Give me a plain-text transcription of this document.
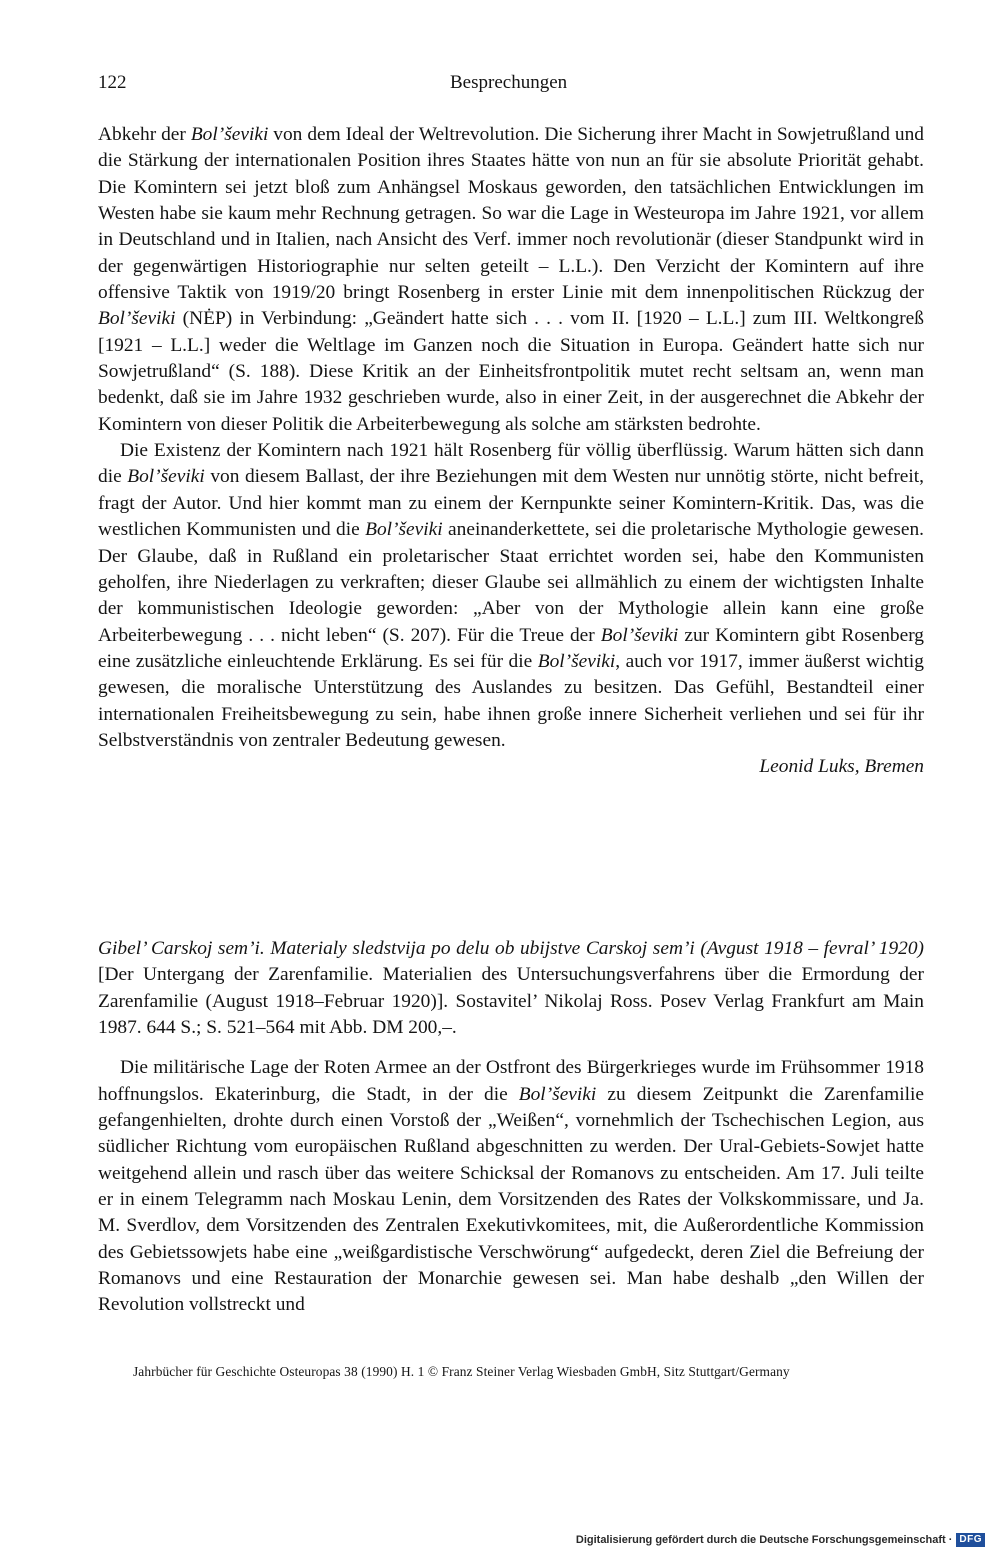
122	Besprechungen

Abkehr der Bol’ševiki von dem Ideal der Weltrevolution. Die Sicherung ihrer Macht in Sowjetrußland und die Stärkung der internationalen Position ihres Staates hätte von nun an für sie absolute Priorität gehabt. Die Komintern sei jetzt bloß zum Anhängsel Moskaus geworden, den tatsächlichen Entwicklungen im Westen habe sie kaum mehr Rechnung getragen. So war die Lage in Westeuropa im Jahre 1921, vor allem in Deutschland und in Italien, nach Ansicht des Verf. immer noch revolutionär (dieser Standpunkt wird in der gegenwärtigen Historiographie nur selten geteilt – L.L.). Den Verzicht der Komintern auf ihre offensive Taktik von 1919/20 bringt Rosenberg in erster Linie mit dem innenpolitischen Rückzug der Bol’ševiki (NĖP) in Verbindung: „Geändert hatte sich . . . vom II. [1920 – L.L.] zum III. Weltkongreß [1921 – L.L.] weder die Weltlage im Ganzen noch die Situation in Europa. Geändert hatte sich nur Sowjetrußland“ (S. 188). Diese Kritik an der Einheitsfrontpolitik mutet recht seltsam an, wenn man bedenkt, daß sie im Jahre 1932 geschrieben wurde, also in einer Zeit, in der ausgerechnet die Abkehr der Komintern von dieser Politik die Arbeiterbewegung als solche am stärksten bedrohte.

Die Existenz der Komintern nach 1921 hält Rosenberg für völlig überflüssig. Warum hätten sich dann die Bol’ševiki von diesem Ballast, der ihre Beziehungen mit dem Westen nur unnötig störte, nicht befreit, fragt der Autor. Und hier kommt man zu einem der Kernpunkte seiner Komintern-Kritik. Das, was die westlichen Kommunisten und die Bol’ševiki aneinanderkettete, sei die proletarische Mythologie gewesen. Der Glaube, daß in Rußland ein proletarischer Staat errichtet worden sei, habe den Kommunisten geholfen, ihre Niederlagen zu verkraften; dieser Glaube sei allmählich zu einem der wichtigsten Inhalte der kommunistischen Ideologie geworden: „Aber von der Mythologie allein kann eine große Arbeiterbewegung . . . nicht leben“ (S. 207). Für die Treue der Bol’ševiki zur Komintern gibt Rosenberg eine zusätzliche einleuchtende Erklärung. Es sei für die Bol’ševiki, auch vor 1917, immer äußerst wichtig gewesen, die moralische Unterstützung des Auslandes zu besitzen. Das Gefühl, Bestandteil einer internationalen Freiheitsbewegung zu sein, habe ihnen große innere Sicherheit verliehen und sei für ihr Selbstverständnis von zentraler Bedeutung gewesen.

Leonid Luks, Bremen

Gibel’ Carskoj sem’i. Materialy sledstvija po delu ob ubijstve Carskoj sem’i (Avgust 1918 – fevral’ 1920) [Der Untergang der Zarenfamilie. Materialien des Untersuchungsverfahrens über die Ermordung der Zarenfamilie (August 1918–Februar 1920)]. Sostavitel’ Nikolaj Ross. Posev Verlag Frankfurt am Main 1987. 644 S.; S. 521–564 mit Abb. DM 200,–.

Die militärische Lage der Roten Armee an der Ostfront des Bürgerkrieges wurde im Frühsommer 1918 hoffnungslos. Ekaterinburg, die Stadt, in der die Bol’ševiki zu diesem Zeitpunkt die Zarenfamilie gefangenhielten, drohte durch einen Vorstoß der „Weißen“, vornehmlich der Tschechischen Legion, aus südlicher Richtung vom europäischen Rußland abgeschnitten zu werden. Der Ural-Gebiets-Sowjet hatte weitgehend allein und rasch über das weitere Schicksal der Romanovs zu entscheiden. Am 17. Juli teilte er in einem Telegramm nach Moskau Lenin, dem Vorsitzenden des Rates der Volkskommissare, und Ja. M. Sverdlov, dem Vorsitzenden des Zentralen Exekutivkomitees, mit, die Außerordentliche Kommission des Gebietssowjets habe eine „weißgardistische Verschwörung“ aufgedeckt, deren Ziel die Befreiung der Romanovs und eine Restauration der Monarchie gewesen sei. Man habe deshalb „den Willen der Revolution vollstreckt und

Jahrbücher für Geschichte Osteuropas 38 (1990) H. 1 © Franz Steiner Verlag Wiesbaden GmbH, Sitz Stuttgart/Germany
Digitalisierung gefördert durch die Deutsche Forschungsgemeinschaft · DFG
